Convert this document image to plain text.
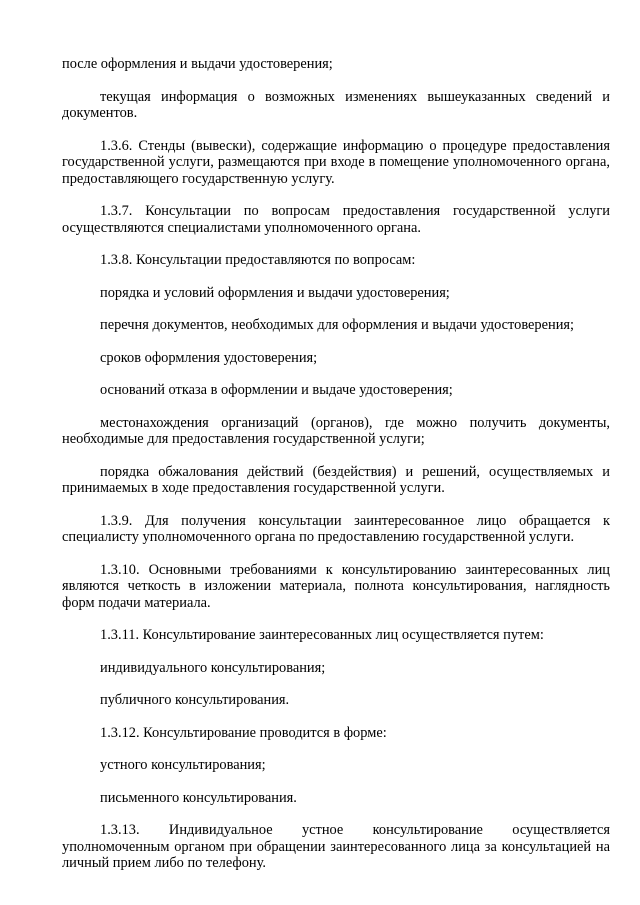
после оформления и выдачи удостоверения;

текущая информация о возможных изменениях вышеуказанных сведений и документов.

1.3.6. Стенды (вывески), содержащие информацию о процедуре предоставления государственной услуги, размещаются при входе в помещение уполномоченного органа, предоставляющего государственную услугу.

1.3.7. Консультации по вопросам предоставления государственной услуги осуществляются специалистами уполномоченного органа.

1.3.8. Консультации предоставляются по вопросам:

порядка и условий оформления и выдачи удостоверения;

перечня документов, необходимых для оформления и выдачи удостоверения;

сроков оформления удостоверения;

оснований отказа в оформлении и выдаче удостоверения;

местонахождения организаций (органов), где можно получить документы, необходимые для предоставления государственной услуги;

порядка обжалования действий (бездействия) и решений, осуществляемых и принимаемых в ходе предоставления государственной услуги.

1.3.9. Для получения консультации заинтересованное лицо обращается к специалисту уполномоченного органа по предоставлению государственной услуги.

1.3.10. Основными требованиями к консультированию заинтересованных лиц являются четкость в изложении материала, полнота консультирования, наглядность форм подачи материала.

1.3.11. Консультирование заинтересованных лиц осуществляется путем:

индивидуального консультирования;

публичного консультирования.

1.3.12. Консультирование проводится в форме:

устного консультирования;

письменного консультирования.

1.3.13. Индивидуальное устное консультирование осуществляется уполномоченным органом при обращении заинтересованного лица за консультацией на личный прием либо по телефону.
